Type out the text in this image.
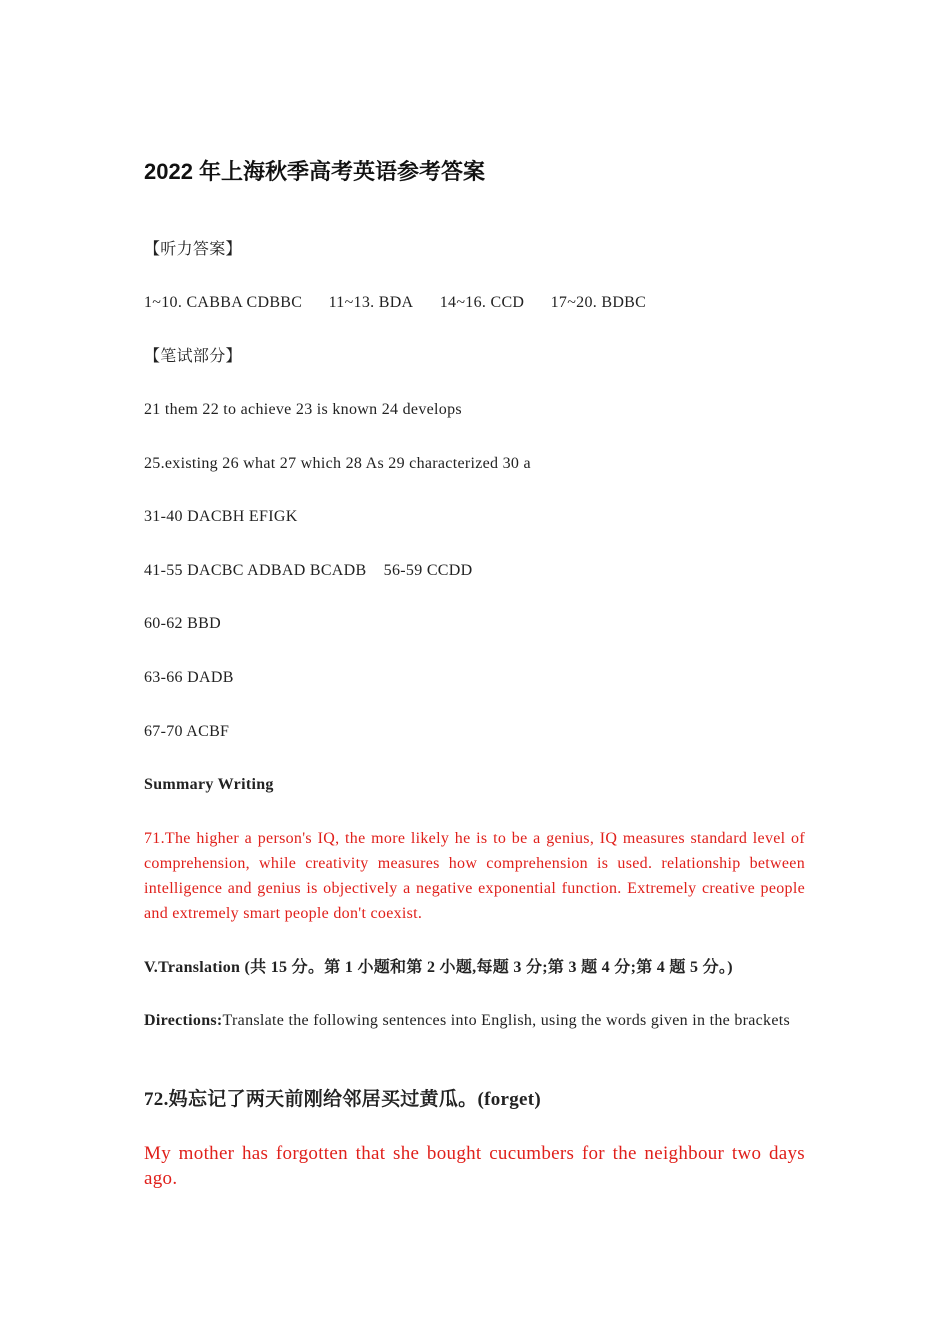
2022 年上海秋季高考英语参考答案
【听力答案】
1~10. CABBA CDBBC 11~13. BDA 14~16. CCD 17~20. BDBC
【笔试部分】
21 them 22 to achieve 23 is known 24 develops
25.existing 26 what 27 which 28 As 29 characterized 30 a
31-40 DACBH EFIGK
41-55 DACBC ADBAD BCADB    56-59 CCDD
60-62 BBD
63-66 DADB
67-70 ACBF
Summary Writing
71.The higher a person's IQ, the more likely he is to be a genius, IQ measures standard level of comprehension, while creativity measures how comprehension is used. relationship between intelligence and genius is objectively a negative exponential function. Extremely creative people and extremely smart people don't coexist.
V.Translation (共 15 分。第 1 小题和第 2 小题,每题 3 分;第 3 题 4 分;第 4 题 5 分。)
Directions:Translate the following sentences into English, using the words given in the brackets
72.妈忘记了两天前刚给邻居买过黄瓜。(forget)
My mother has forgotten that she bought cucumbers for the neighbour two days ago.
